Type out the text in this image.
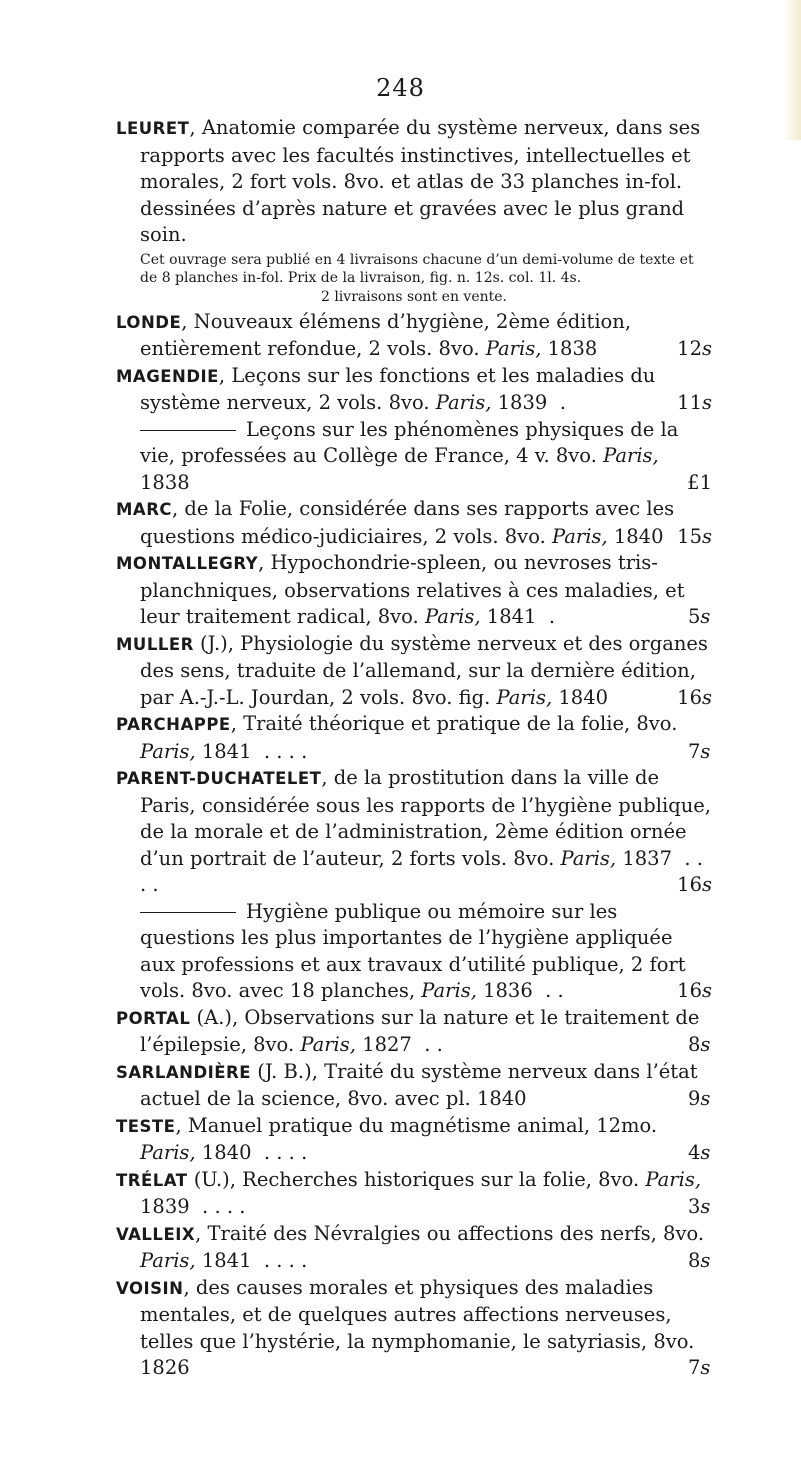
248

LEURET, Anatomie comparée du système nerveux, dans ses rapports avec les facultés instinctives, intellectuelles et morales, 2 fort vols. 8vo. et atlas de 33 planches in-fol. dessinées d’après nature et gravées avec le plus grand soin.

Cet ouvrage sera publié en 4 livraisons chacune d’un demi-volume de texte et de 8 planches in-fol. Prix de la livraison, fig. n. 12s. col. 1l. 4s.

2 livraisons sont en vente.

LONDE, Nouveaux élémens d’hygiène, 2ème édition, entièrement refondue, 2 vols. 8vo. Paris, 1838	12s

MAGENDIE, Leçons sur les fonctions et les maladies du système nerveux, 2 vols. 8vo. Paris, 1839 .	11s

Leçons sur les phénomènes physiques de la vie, professées au Collège de France, 4 v. 8vo. Paris, 1838	£1

MARC, de la Folie, considérée dans ses rapports avec les questions médico-judiciaires, 2 vols. 8vo. Paris, 1840 15s

MONTALLEGRY, Hypochondrie-spleen, ou nevroses tris-planchniques, observations relatives à ces maladies, et leur traitement radical, 8vo. Paris, 1841 .	5s

MULLER (J.), Physiologie du système nerveux et des organes des sens, traduite de l’allemand, sur la dernière édition, par A.-J.-L. Jourdan, 2 vols. 8vo. fig. Paris, 1840	16s

PARCHAPPE, Traité théorique et pratique de la folie, 8vo. Paris, 1841 . . . .	7s

PARENT-DUCHATELET, de la prostitution dans la ville de Paris, considérée sous les rapports de l’hygiène publique, de la morale et de l’administration, 2ème édition ornée d’un portrait de l’auteur, 2 forts vols. 8vo. Paris, 1837 . . . .	16s

Hygiène publique ou mémoire sur les questions les plus importantes de l’hygiène appliquée aux professions et aux travaux d’utilité publique, 2 fort vols. 8vo. avec 18 planches, Paris, 1836 . .	16s

PORTAL (A.), Observations sur la nature et le traitement de l’épilepsie, 8vo. Paris, 1827 . .	8s

SARLANDIÈRE (J. B.), Traité du système nerveux dans l’état actuel de la science, 8vo. avec pl. 1840	9s

TESTE, Manuel pratique du magnétisme animal, 12mo. Paris, 1840 . . . .	4s

TRÉLAT (U.), Recherches historiques sur la folie, 8vo. Paris, 1839 . . . .	3s

VALLEIX, Traité des Névralgies ou affections des nerfs, 8vo. Paris, 1841 . . . .	8s

VOISIN, des causes morales et physiques des maladies mentales, et de quelques autres affections nerveuses, telles que l’hystérie, la nymphomanie, le satyriasis, 8vo. 1826	7s
